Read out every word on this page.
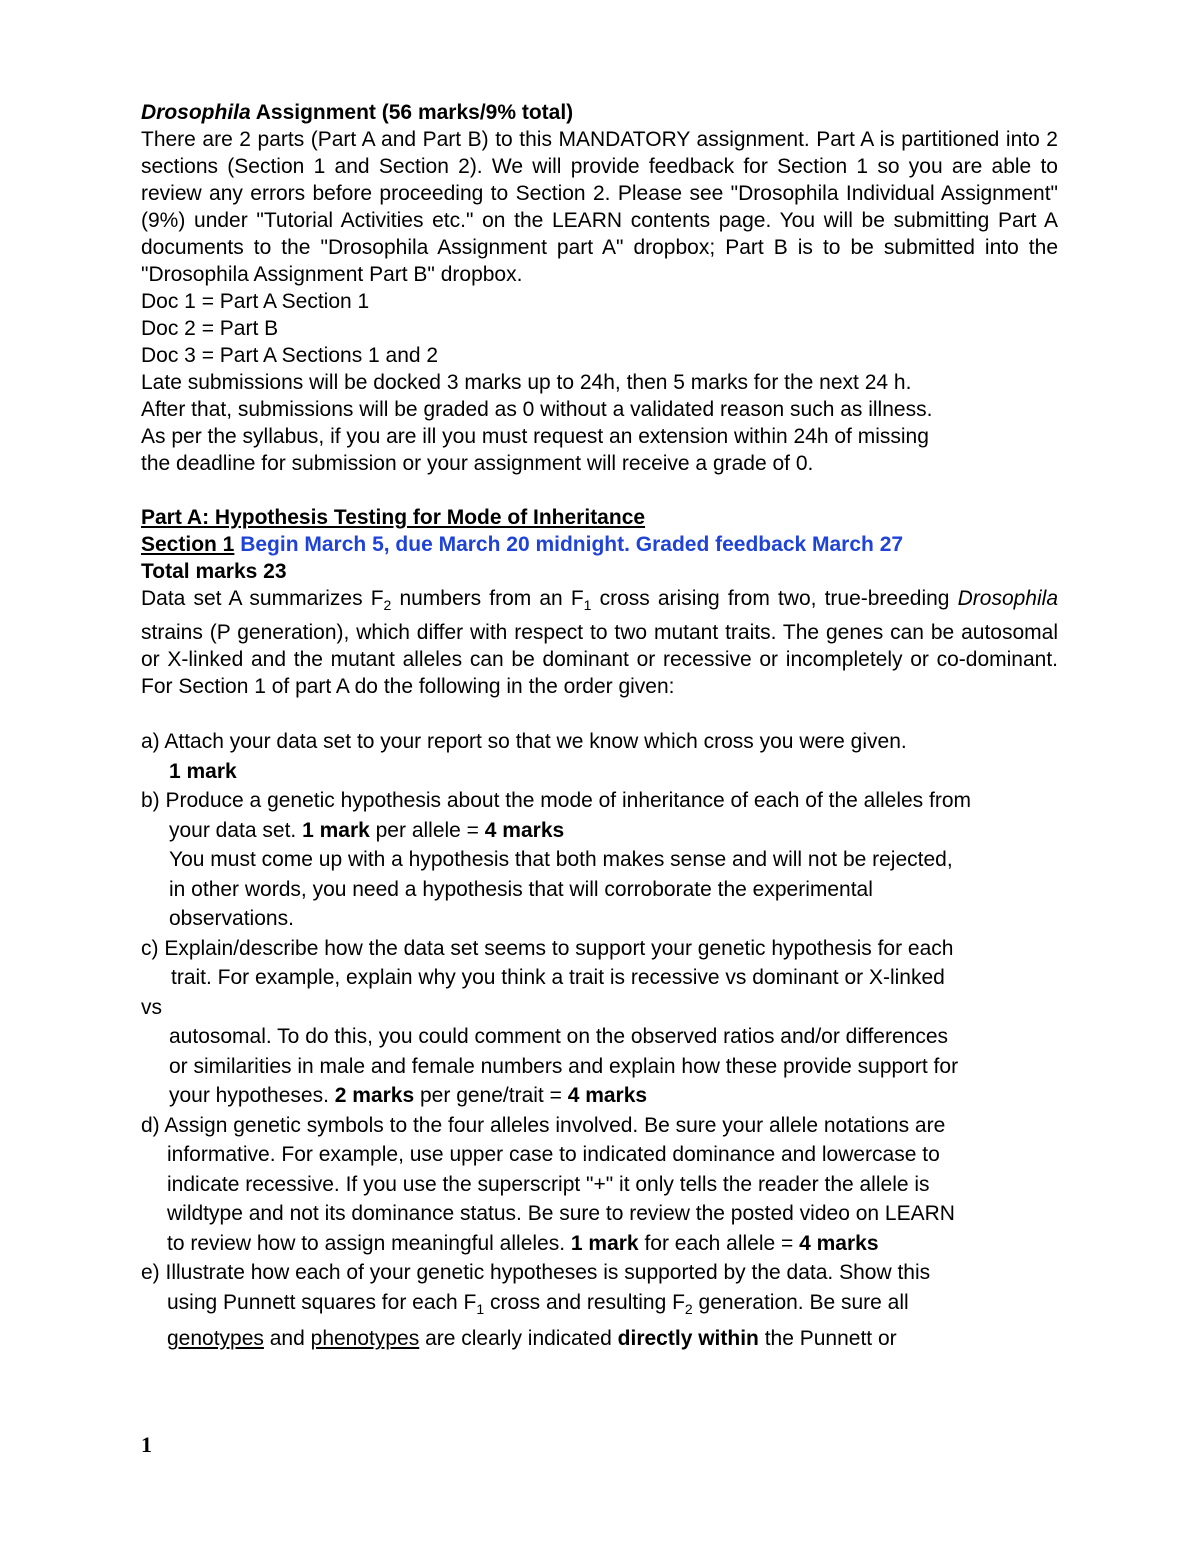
Drosophila Assignment (56 marks/9% total)
There are 2 parts (Part A and Part B) to this MANDATORY assignment. Part A is partitioned into 2 sections (Section 1 and Section 2). We will provide feedback for Section 1 so you are able to review any errors before proceeding to Section 2. Please see "Drosophila Individual Assignment" (9%) under "Tutorial Activities etc." on the LEARN contents page. You will be submitting Part A documents to the "Drosophila Assignment part A" dropbox; Part B is to be submitted into the "Drosophila Assignment Part B" dropbox.
Doc 1 = Part A Section 1
Doc 2 = Part B
Doc 3 = Part A Sections 1 and 2
Late submissions will be docked 3 marks up to 24h, then 5 marks for the next 24 h.
After that, submissions will be graded as 0 without a validated reason such as illness.
As per the syllabus, if you are ill you must request an extension within 24h of missing
the deadline for submission or your assignment will receive a grade of 0.
Part A: Hypothesis Testing for Mode of Inheritance
Section 1 Begin March 5, due March 20 midnight. Graded feedback March 27
Total marks 23
Data set A summarizes $F_2$ numbers from an $F_1$ cross arising from two, true-breeding Drosophila strains (P generation), which differ with respect to two mutant traits. The genes can be autosomal or X-linked and the mutant alleles can be dominant or recessive or incompletely or co-dominant. For Section 1 of part A do the following in the order given:
a) Attach your data set to your report so that we know which cross you were given.
1 mark
b) Produce a genetic hypothesis about the mode of inheritance of each of the alleles from
your data set. 1 mark per allele = 4 marks
You must come up with a hypothesis that both makes sense and will not be rejected,
in other words, you need a hypothesis that will corroborate the experimental
observations.
c) Explain/describe how the data set seems to support your genetic hypothesis for each
trait. For example, explain why you think a trait is recessive vs dominant or X-linked
vs
autosomal. To do this, you could comment on the observed ratios and/or differences
or similarities in male and female numbers and explain how these provide support for
your hypotheses. 2 marks per gene/trait = 4 marks
d) Assign genetic symbols to the four alleles involved. Be sure your allele notations are
informative. For example, use upper case to indicated dominance and lowercase to
indicate recessive. If you use the superscript "+" it only tells the reader the allele is
wildtype and not its dominance status. Be sure to review the posted video on LEARN
to review how to assign meaningful alleles. 1 mark for each allele = 4 marks
e) Illustrate how each of your genetic hypotheses is supported by the data. Show this
using Punnett squares for each $F_1$ cross and resulting $F_2$ generation. Be sure all
genotypes and phenotypes are clearly indicated directly within the Punnett or
1
